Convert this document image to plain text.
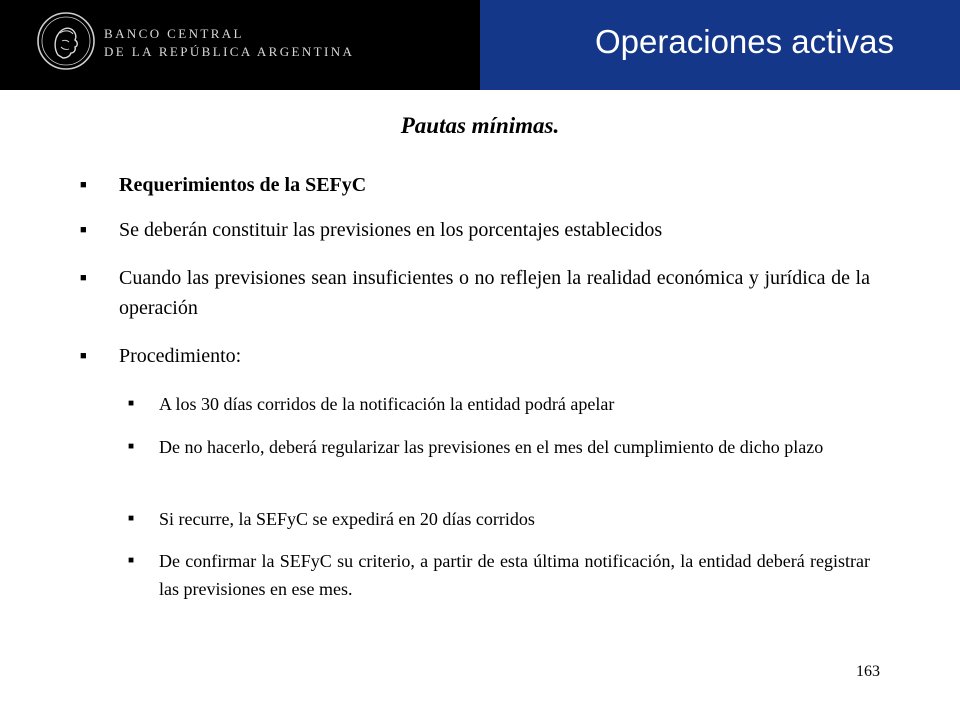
BANCO CENTRAL
DE LA REPÚBLICA ARGENTINA	Operaciones activas
Pautas mínimas.
■	Requerimientos de la SEFyC
■	Se deberán constituir las previsiones en los porcentajes establecidos
■	Cuando las previsiones sean insuficientes o no reflejen la realidad económica y jurídica de la operación
■	Procedimiento:
■	A los 30 días corridos de la notificación la entidad podrá apelar
■	De no hacerlo, deberá regularizar las previsiones en el mes del cumplimiento de dicho plazo
■	Si recurre, la SEFyC se expedirá en 20 días corridos
■	De confirmar la SEFyC su criterio, a partir de esta última notificación, la entidad deberá registrar las previsiones en ese mes.
163
